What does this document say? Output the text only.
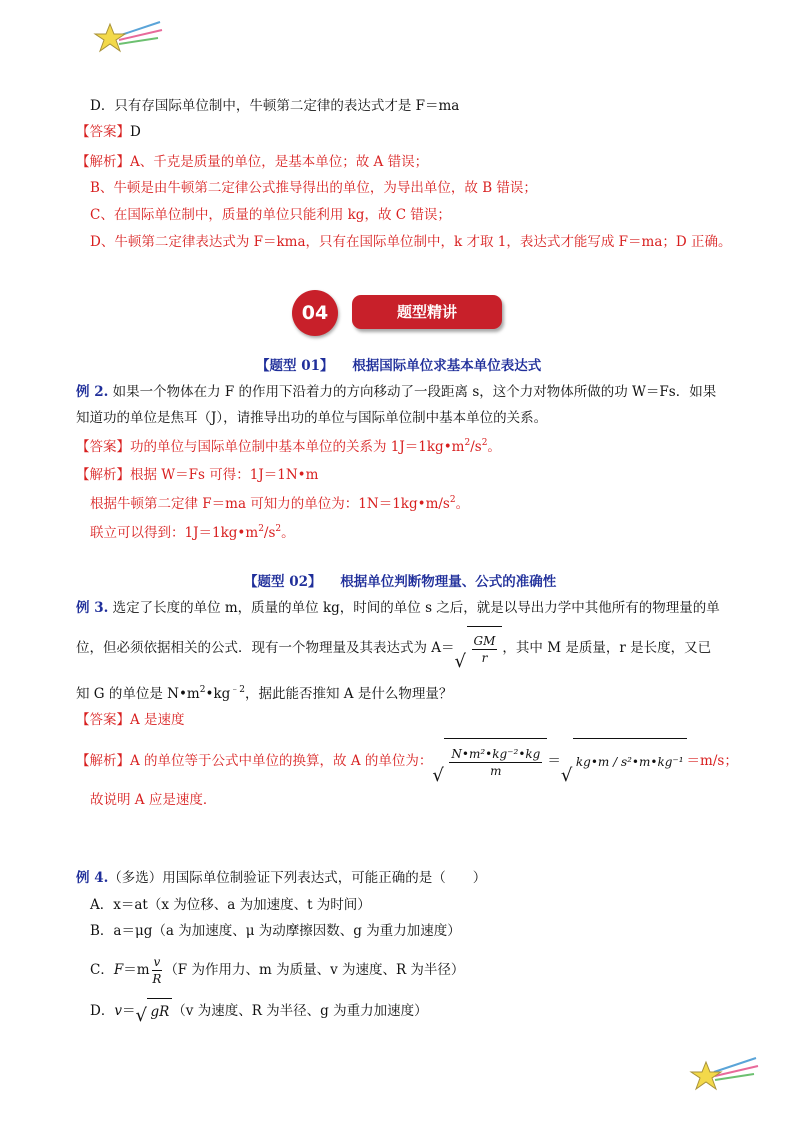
D．只有存国际单位制中，牛顿第二定律的表达式才是 F＝ma
【答案】D
【解析】A、千克是质量的单位，是基本单位；故 A 错误；
B、牛顿是由牛顿第二定律公式推导得出的单位，为导出单位，故 B 错误；
C、在国际单位制中，质量的单位只能利用 kg，故 C 错误；
D、牛顿第二定律表达式为 F＝kma，只有在国际单位制中，k 才取 1，表达式才能写成 F＝ma；D 正确。
04	题型精讲
【题型 01】 根据国际单位求基本单位表达式
例 2. 如果一个物体在力 F 的作用下沿着力的方向移动了一段距离 s，这个力对物体所做的功 W＝Fs．如果
知道功的单位是焦耳（J），请推导出功的单位与国际单位制中基本单位的关系。
【答案】功的单位与国际单位制中基本单位的关系为 $1J=1kg•m^2/s^2$。
【解析】根据 W＝Fs 可得：1J＝1N•m
根据牛顿第二定律 F＝ma 可知力的单位为：$1N=1kg•m/s^2$。
联立可以得到：$1J=1kg•m^2/s^2$。
【题型 02】 根据单位判断物理量、公式的准确性
例 3. 选定了长度的单位 m，质量的单位 kg，时间的单位 s 之后，就是以导出力学中其他所有的物理量的单
位，但必须依据相关的公式．现有一个物理量及其表达式为 A＝
√ $\frac{GM}{r}$ ，其中 M 是质量，r 是长度，又已
知 G 的单位是 $N•m^2•kg^{﹣2}$，据此能否推知 A 是什么物理量？
【答案】A 是速度
【解析】A 的单位等于公式中单位的换算，故 A 的单位为：
√ $\frac{\text{N•m²•kg⁻²•kg}}{m}$ ＝
√
kg•m / s²•m•kg⁻¹ ＝m/s；
故说明 A 应是速度．
例 4.（多选）用国际单位制验证下列表达式，可能正确的是（　　）
A．x＝at（x 为位移、a 为加速度、t 为时间）
B．a＝μg（a 为加速度、μ 为动摩擦因数、g 为重力加速度）
C．$F=m \frac{v}{R} (F$ 为作用力、m 为质量、v 为速度、R 为半径）
D．v＝ √ gR （v 为速度、R 为半径、g 为重力加速度）
